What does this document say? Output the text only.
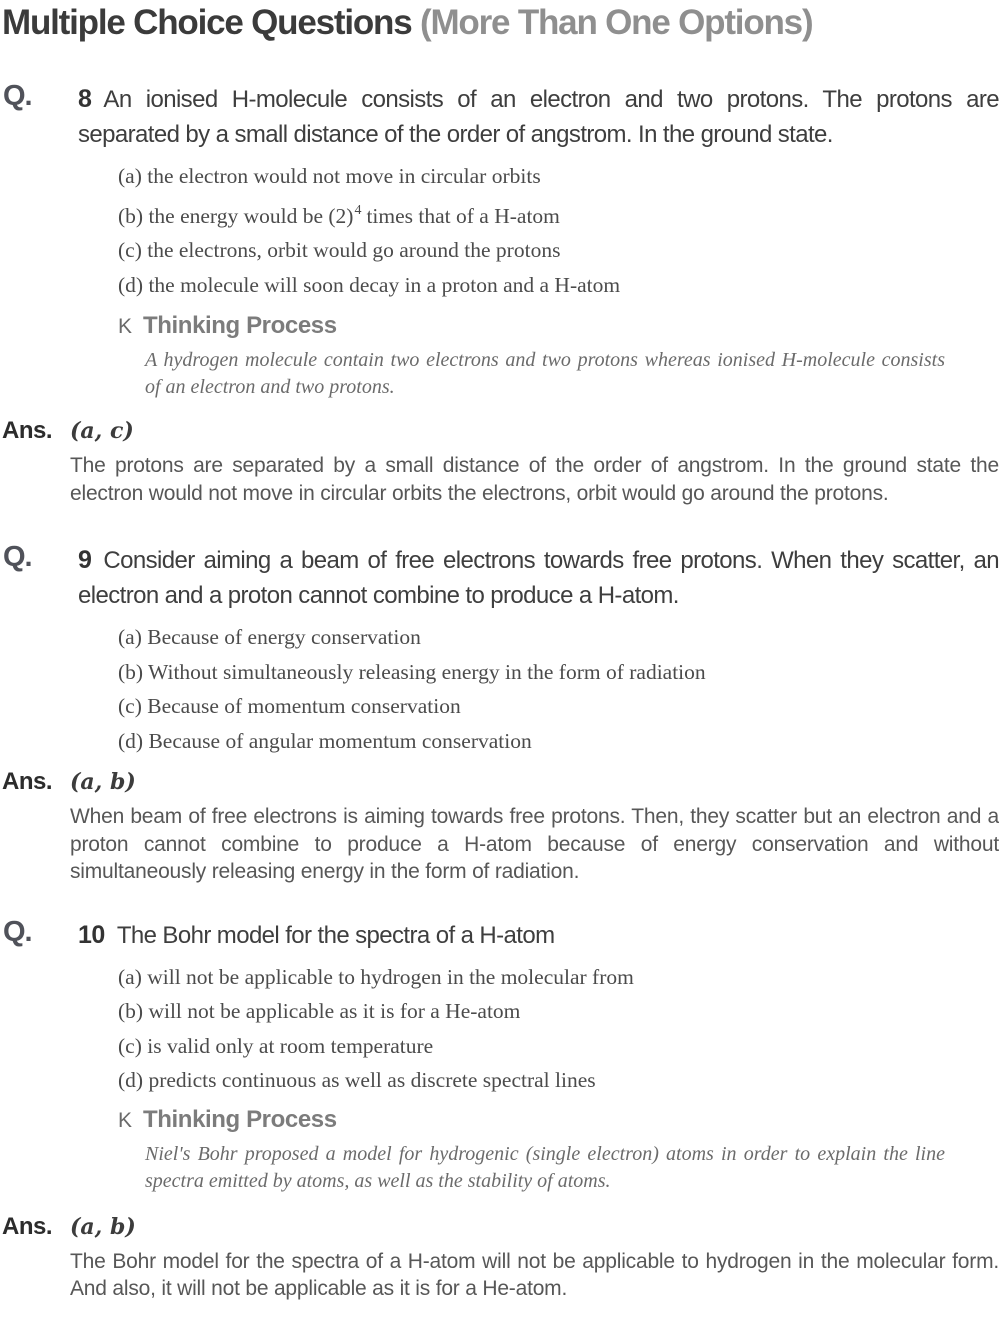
Multiple Choice Questions (More Than One Options)
Q. 8 An ionised H-molecule consists of an electron and two protons. The protons are separated by a small distance of the order of angstrom. In the ground state.
(a) the electron would not move in circular orbits
(b) the energy would be $(2)^4$ times that of a H-atom
(c) the electrons, orbit would go around the protons
(d) the molecule will soon decay in a proton and a H-atom
K Thinking Process
A hydrogen molecule contain two electrons and two protons whereas ionised H-molecule consists of an electron and two protons.
Ans. (a, c)
The protons are separated by a small distance of the order of angstrom. In the ground state the electron would not move in circular orbits the electrons, orbit would go around the protons.
Q. 9 Consider aiming a beam of free electrons towards free protons. When they scatter, an electron and a proton cannot combine to produce a H-atom.
(a) Because of energy conservation
(b) Without simultaneously releasing energy in the form of radiation
(c) Because of momentum conservation
(d) Because of angular momentum conservation
Ans. (a, b)
When beam of free electrons is aiming towards free protons. Then, they scatter but an electron and a proton cannot combine to produce a H-atom because of energy conservation and without simultaneously releasing energy in the form of radiation.
Q. 10 The Bohr model for the spectra of a H-atom
(a) will not be applicable to hydrogen in the molecular from
(b) will not be applicable as it is for a He-atom
(c) is valid only at room temperature
(d) predicts continuous as well as discrete spectral lines
K Thinking Process
Niel's Bohr proposed a model for hydrogenic (single electron) atoms in order to explain the line spectra emitted by atoms, as well as the stability of atoms.
Ans. (a, b)
The Bohr model for the spectra of a H-atom will not be applicable to hydrogen in the molecular form. And also, it will not be applicable as it is for a He-atom.
